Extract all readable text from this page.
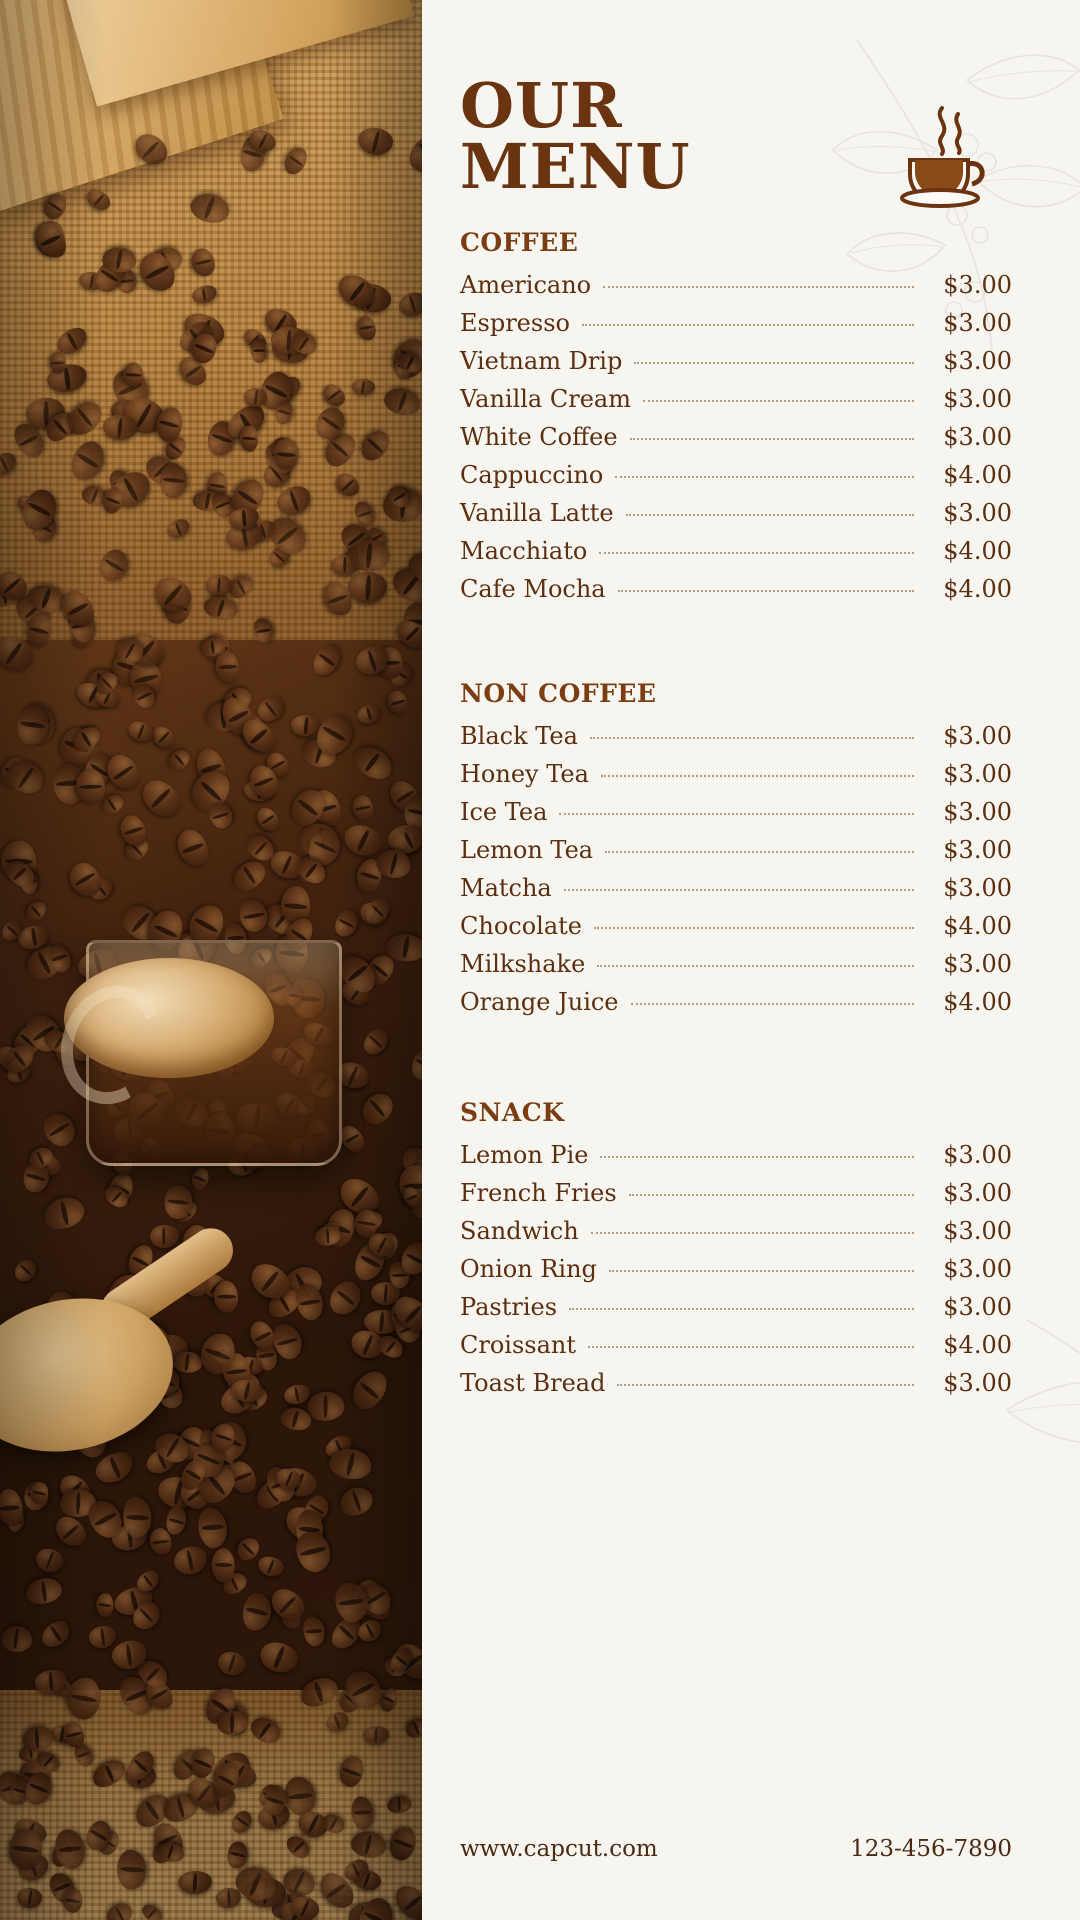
OUR
MENU
COFFEE
Americano	$3.00
Espresso	$3.00
Vietnam Drip	$3.00
Vanilla Cream	$3.00
White Coffee	$3.00
Cappuccino	$4.00
Vanilla Latte	$3.00
Macchiato	$4.00
Cafe Mocha	$4.00
NON COFFEE
Black Tea	$3.00
Honey Tea	$3.00
Ice Tea	$3.00
Lemon Tea	$3.00
Matcha	$3.00
Chocolate	$4.00
Milkshake	$3.00
Orange Juice	$4.00
SNACK
Lemon Pie	$3.00
French Fries	$3.00
Sandwich	$3.00
Onion Ring	$3.00
Pastries	$3.00
Croissant	$4.00
Toast Bread	$3.00
www.capcut.com	123-456-7890
